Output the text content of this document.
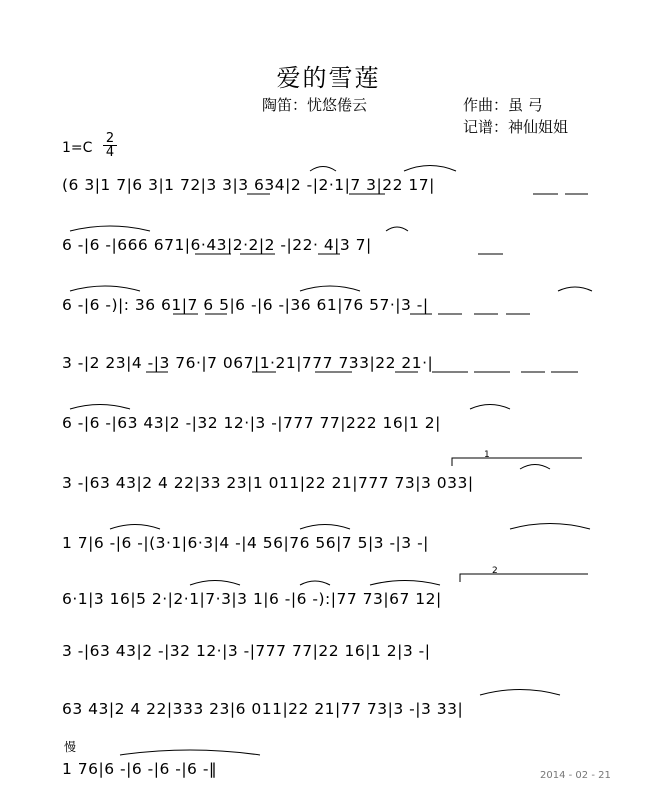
爱的雪莲
陶笛：忧悠倦云	作曲：虽 弓
记谱：神仙姐姐
1=C
2
4
(6 3|1 7|6 3|1 72|3 3|3 634|2 -|2·1|7 3|22 17|
6 -|6 -|666 671|6·43|2·2|2 -|22· 4|3 7|
6 -|6 -)|: 36 61|7 6 5|6 -|6 -|36 61|76 57·|3 -|
3 -|2 23|4 -|3 76·|7 067|1·21|777 733|22 21·|
6 -|6 -|63 43|2 -|32 12·|3 -|777 77|222 16|1 2|
3 -|63 43|2 4 22|33 23|1 011|22 21|777 73|3 033|
1 7|6 -|6 -|(3·1|6·3|4 -|4 56|76 56|7 5|3 -|3 -|
6·1|3 16|5 2·|2·1|7·3|3 1|6 -|6 -):|77 73|67 12|
3 -|63 43|2 -|32 12·|3 -|777 77|22 16|1 2|3 -|
63 43|2 4 22|333 23|6 011|22 21|77 73|3 -|3 33|
慢
1 76|6 -|6 -|6 -|6 -‖	2014 - 02 - 21
1
2
